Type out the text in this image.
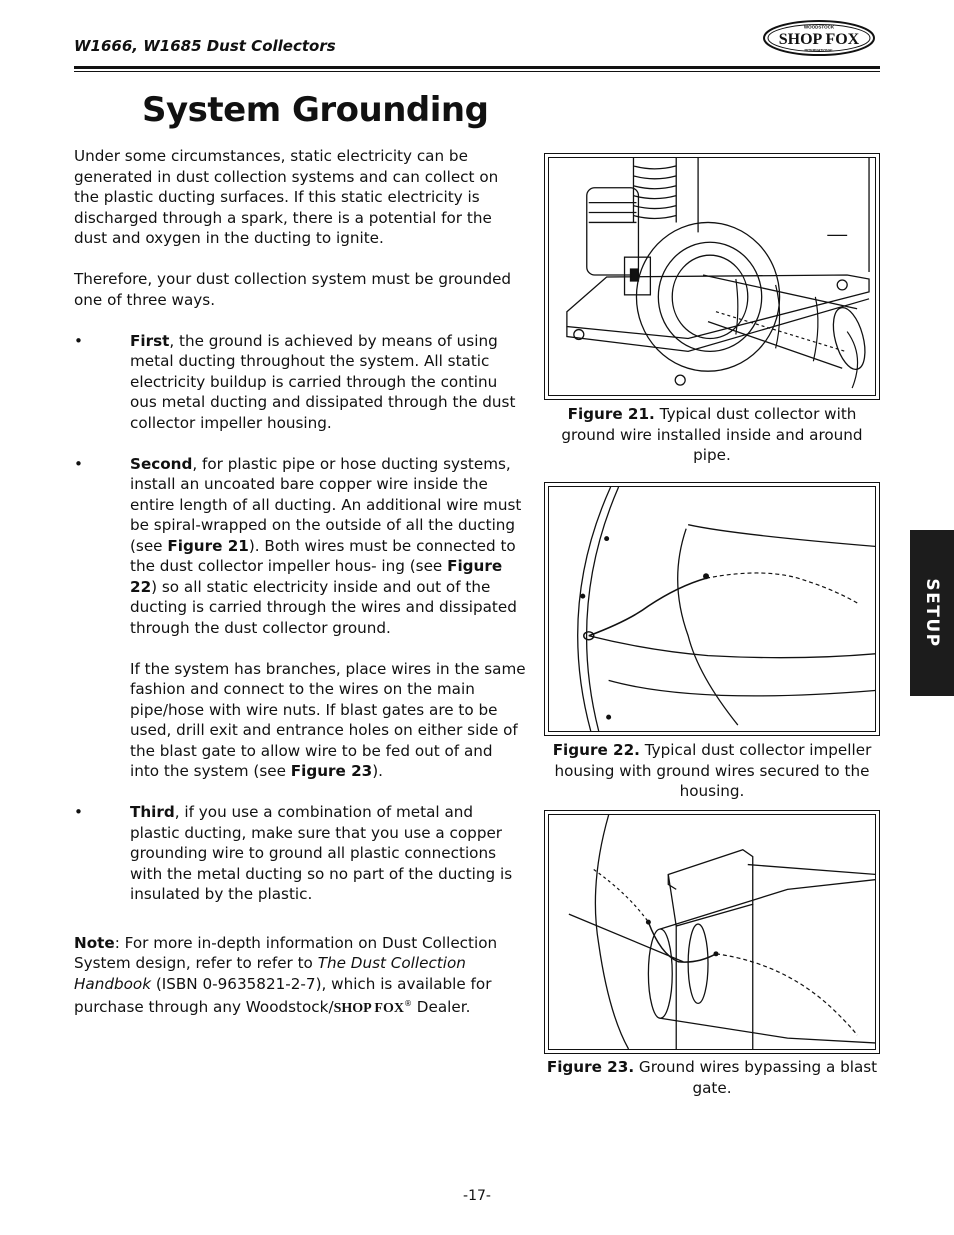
W1666, W1685 Dust Collectors
WOODSTOCK
SHOP FOX
INTERNATIONAL
System Grounding

Under some circumstances, static electricity can be generated in dust collection systems and can collect on the plastic ducting surfaces. If this static electricity is discharged through a spark, there is a potential for the dust and oxygen in the ducting to ignite.

Therefore, your dust collection system must be grounded one of three ways.

•	First, the ground is achieved by means of using metal ducting throughout the system. All static electricity buildup is carried through the continu ous metal ducting and dissipated through the dust collector impeller housing.

•	Second, for plastic pipe or hose ducting systems, install an uncoated bare copper wire inside the entire length of all ducting. An additional wire must be spiral-wrapped on the outside of all the ducting (see Figure 21). Both wires must be connected to the dust collector impeller hous- ing (see Figure 22) so all static electricity inside and out of the ducting is carried through the wires and dissipated through the dust collector ground.

If the system has branches, place wires in the same fashion and connect to the wires on the main pipe/hose with wire nuts. If blast gates are to be used, drill exit and entrance holes on either side of the blast gate to allow wire to be fed out of and into the system (see Figure 23).

•	Third, if you use a combination of metal and plastic ducting, make sure that you use a copper grounding wire to ground all plastic connections with the metal ducting so no part of the ducting is insulated by the plastic.

Note: For more in-depth information on Dust Collection System design, refer to refer to The Dust Collection Handbook (ISBN 0-9635821-2-7), which is available for purchase through any Woodstock/SHOP FOX® Dealer.

Figure 21. Typical dust collector with ground wire installed inside and around pipe.
Figure 22. Typical dust collector impeller housing with ground wires secured to the housing.
Figure 23. Ground wires bypassing a blast gate.
SETUP
-17-
